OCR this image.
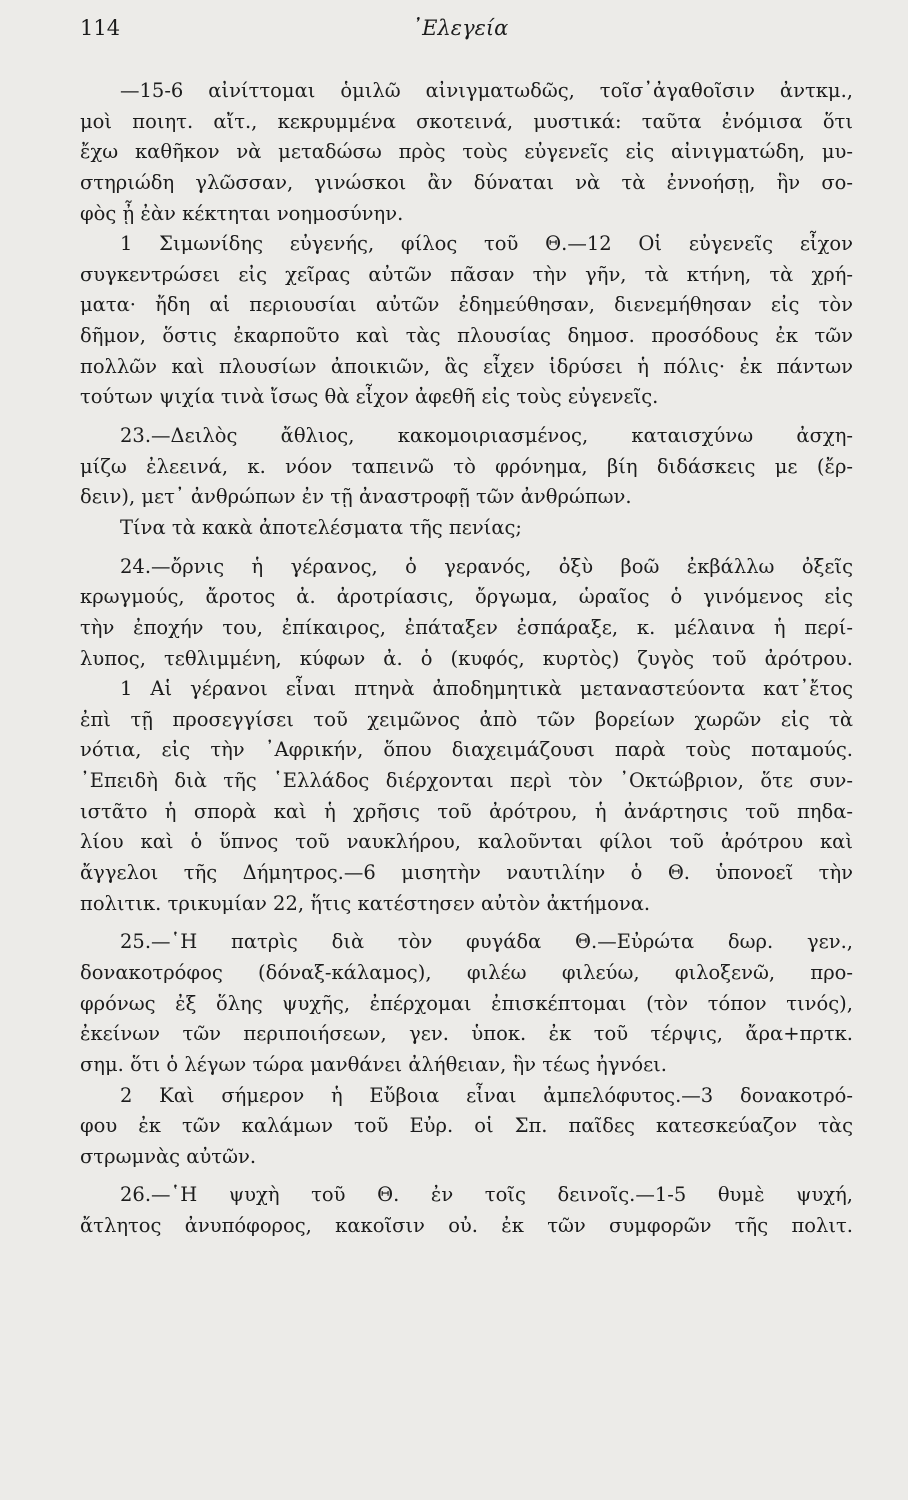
114	᾿Ελεγεία
—15-6 αἰνίττομαι ὁμιλῶ αἰνιγματωδῶς, τοῖσ᾿ἀγαθοῖσιν ἀντκμ.,
μοὶ ποιητ. αἴτ., κεκρυμμένα σκοτεινά, μυστικά: ταῦτα ἐνόμισα ὅτι
ἔχω καθῆκον νὰ μεταδώσω πρὸς τοὺς εὐγενεῖς εἰς αἰνιγματώδη, μυ-
στηριώδη γλῶσσαν, γινώσκοι ἂν δύναται νὰ τὰ ἐννοήσῃ, ἣν σο-
φὸς ᾖ ἐὰν κέκτηται νοημοσύνην.
1 Σιμωνίδης εὐγενής, φίλος τοῦ Θ.—12 Οἱ εὐγενεῖς εἶχον
συγκεντρώσει εἰς χεῖρας αὐτῶν πᾶσαν τὴν γῆν, τὰ κτήνη, τὰ χρή-
ματα· ἤδη αἱ περιουσίαι αὐτῶν ἐδημεύθησαν, διενεμήθησαν εἰς τὸν
δῆμον, ὅστις ἐκαρποῦτο καὶ τὰς πλουσίας δημοσ. προσόδους ἐκ τῶν
πολλῶν καὶ πλουσίων ἀποικιῶν, ἃς εἶχεν ἱδρύσει ἡ πόλις· ἐκ πάντων
τούτων ψιχία τινὰ ἴσως θὰ εἶχον ἀφεθῆ εἰς τοὺς εὐγενεῖς.
23.—Δειλὸς ἄθλιος, κακομοιριασμένος, καταισχύνω ἀσχη-
μίζω ἐλεεινά, κ. νόον ταπεινῶ τὸ φρόνημα, βίη διδάσκεις με (ἔρ-
δειν), μετ᾿ ἀνθρώπων ἐν τῇ ἀναστροφῇ τῶν ἀνθρώπων.
Τίνα τὰ κακὰ ἀποτελέσματα τῆς πενίας;
24.—ὄρνις ἡ γέρανος, ὁ γερανός, ὀξὺ βοῶ ἐκβάλλω ὀξεῖς
κρωγμούς, ἄροτος ἀ. ἀροτρίασις, ὄργωμα, ὡραῖος ὁ γινόμενος εἰς
τὴν ἐποχήν του, ἐπίκαιρος, ἐπάταξεν ἐσπάραξε, κ. μέλαινα ἡ περί-
λυπος, τεθλιμμένη, κύφων ἀ. ὁ (κυφός, κυρτὸς) ζυγὸς τοῦ ἀρότρου.
1 Αἱ γέρανοι εἶναι πτηνὰ ἀποδημητικὰ μεταναστεύοντα κατ᾿ἔτος
ἐπὶ τῇ προσεγγίσει τοῦ χειμῶνος ἀπὸ τῶν βορείων χωρῶν εἰς τὰ
νότια, εἰς τὴν ᾿Αφρικήν, ὅπου διαχειμάζουσι παρὰ τοὺς ποταμούς.
᾿Επειδὴ διὰ τῆς ῾Ελλάδος διέρχονται περὶ τὸν ᾿Οκτώβριον, ὅτε συν-
ιστᾶτο ἡ σπορὰ καὶ ἡ χρῆσις τοῦ ἀρότρου, ἡ ἀνάρτησις τοῦ πηδα-
λίου καὶ ὁ ὕπνος τοῦ ναυκλήρου, καλοῦνται φίλοι τοῦ ἀρότρου καὶ
ἄγγελοι τῆς Δήμητρος.—6 μισητὴν ναυτιλίην ὁ Θ. ὑπονοεῖ τὴν
πολιτικ. τρικυμίαν 22, ἥτις κατέστησεν αὐτὸν ἀκτήμονα.
25.—῾Η πατρὶς διὰ τὸν φυγάδα Θ.—Εὐρώτα δωρ. γεν.,
δονακοτρόφος (δόναξ-κάλαμος), φιλέω φιλεύω, φιλοξενῶ, προ-
φρόνως ἐξ ὅλης ψυχῆς, ἐπέρχομαι ἐπισκέπτομαι (τὸν τόπον τινός),
ἐκείνων τῶν περιποιήσεων, γεν. ὑποκ. ἐκ τοῦ τέρψις, ἄρα+πρτκ.
σημ. ὅτι ὁ λέγων τώρα μανθάνει ἀλήθειαν, ἣν τέως ἠγνόει.
2 Καὶ σήμερον ἡ Εὔβοια εἶναι ἀμπελόφυτος.—3 δονακοτρό-
φου ἐκ τῶν καλάμων τοῦ Εὐρ. οἱ Σπ. παῖδες κατεσκεύαζον τὰς
στρωμνὰς αὐτῶν.
26.—῾Η ψυχὴ τοῦ Θ. ἐν τοῖς δεινοῖς.—1-5 θυμὲ ψυχή,
ἄτλητος ἀνυπόφορος, κακοῖσιν οὐ. ἐκ τῶν συμφορῶν τῆς πολιτ.
